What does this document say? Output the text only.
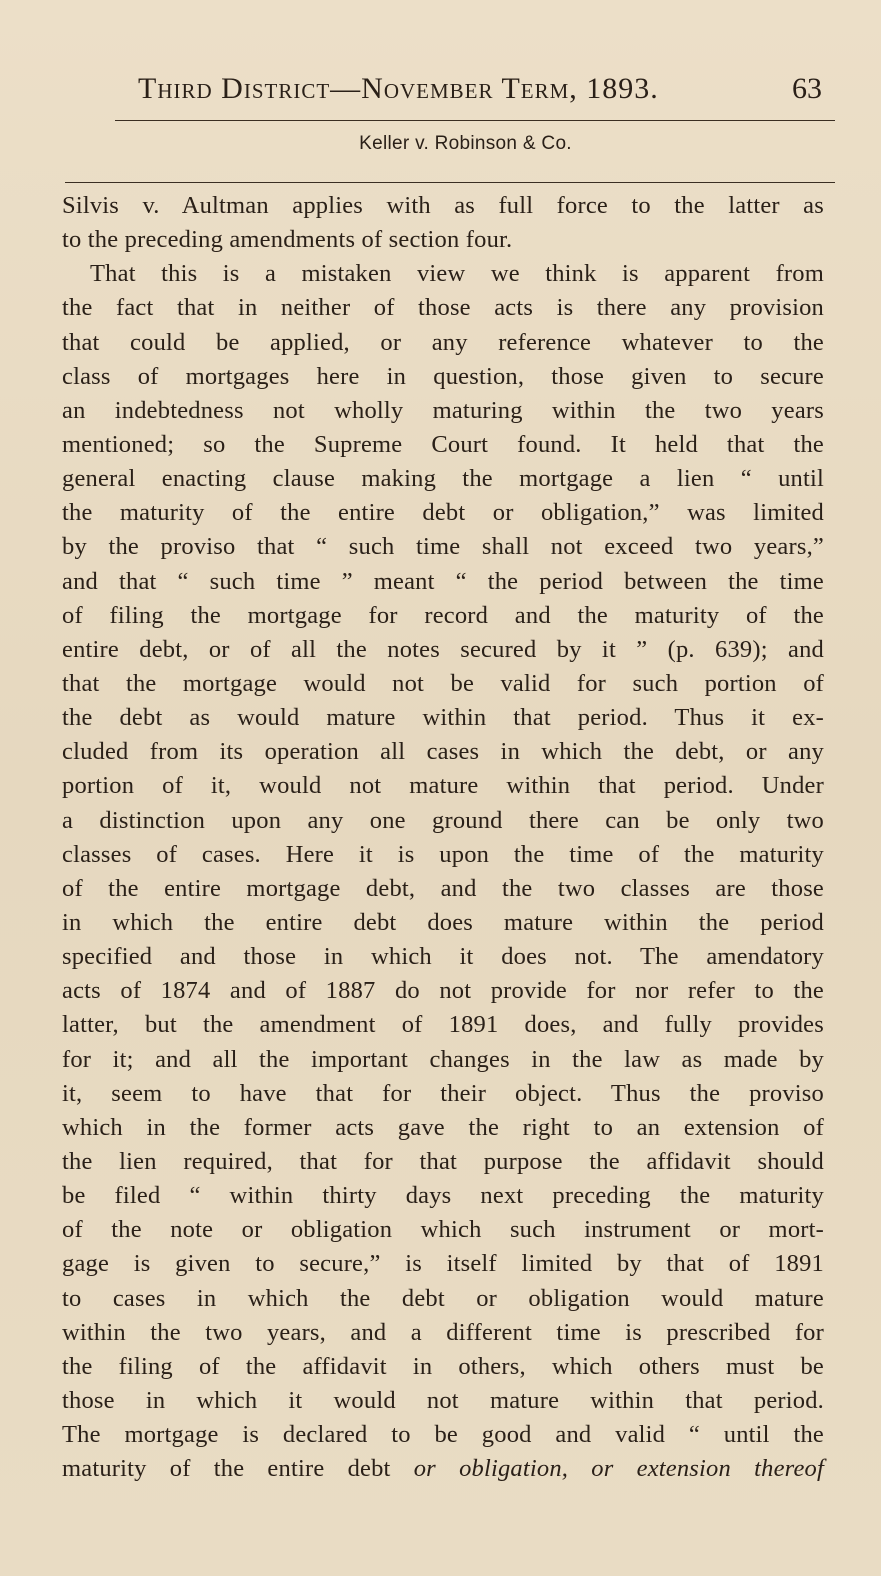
Third District—November Term, 1893.	63
Keller v. Robinson & Co.
Silvis v. Aultman applies with as full force to the latter as
to the preceding amendments of section four.
That this is a mistaken view we think is apparent from
the fact that in neither of those acts is there any provision
that could be applied, or any reference whatever to the
class of mortgages here in question, those given to secure
an indebtedness not wholly maturing within the two years
mentioned; so the Supreme Court found. It held that the
general enacting clause making the mortgage a lien “ until
the maturity of the entire debt or obligation,” was limited
by the proviso that “ such time shall not exceed two years,”
and that “ such time ” meant “ the period between the time
of filing the mortgage for record and the maturity of the
entire debt, or of all the notes secured by it ” (p. 639); and
that the mortgage would not be valid for such portion of
the debt as would mature within that period. Thus it ex-
cluded from its operation all cases in which the debt, or any
portion of it, would not mature within that period. Under
a distinction upon any one ground there can be only two
classes of cases. Here it is upon the time of the maturity
of the entire mortgage debt, and the two classes are those
in which the entire debt does mature within the period
specified and those in which it does not. The amendatory
acts of 1874 and of 1887 do not provide for nor refer to the
latter, but the amendment of 1891 does, and fully provides
for it; and all the important changes in the law as made by
it, seem to have that for their object. Thus the proviso
which in the former acts gave the right to an extension of
the lien required, that for that purpose the affidavit should
be filed “ within thirty days next preceding the maturity
of the note or obligation which such instrument or mort-
gage is given to secure,” is itself limited by that of 1891
to cases in which the debt or obligation would mature
within the two years, and a different time is prescribed for
the filing of the affidavit in others, which others must be
those in which it would not mature within that period.
The mortgage is declared to be good and valid “ until the
maturity of the entire debt or obligation, or extension thereof
